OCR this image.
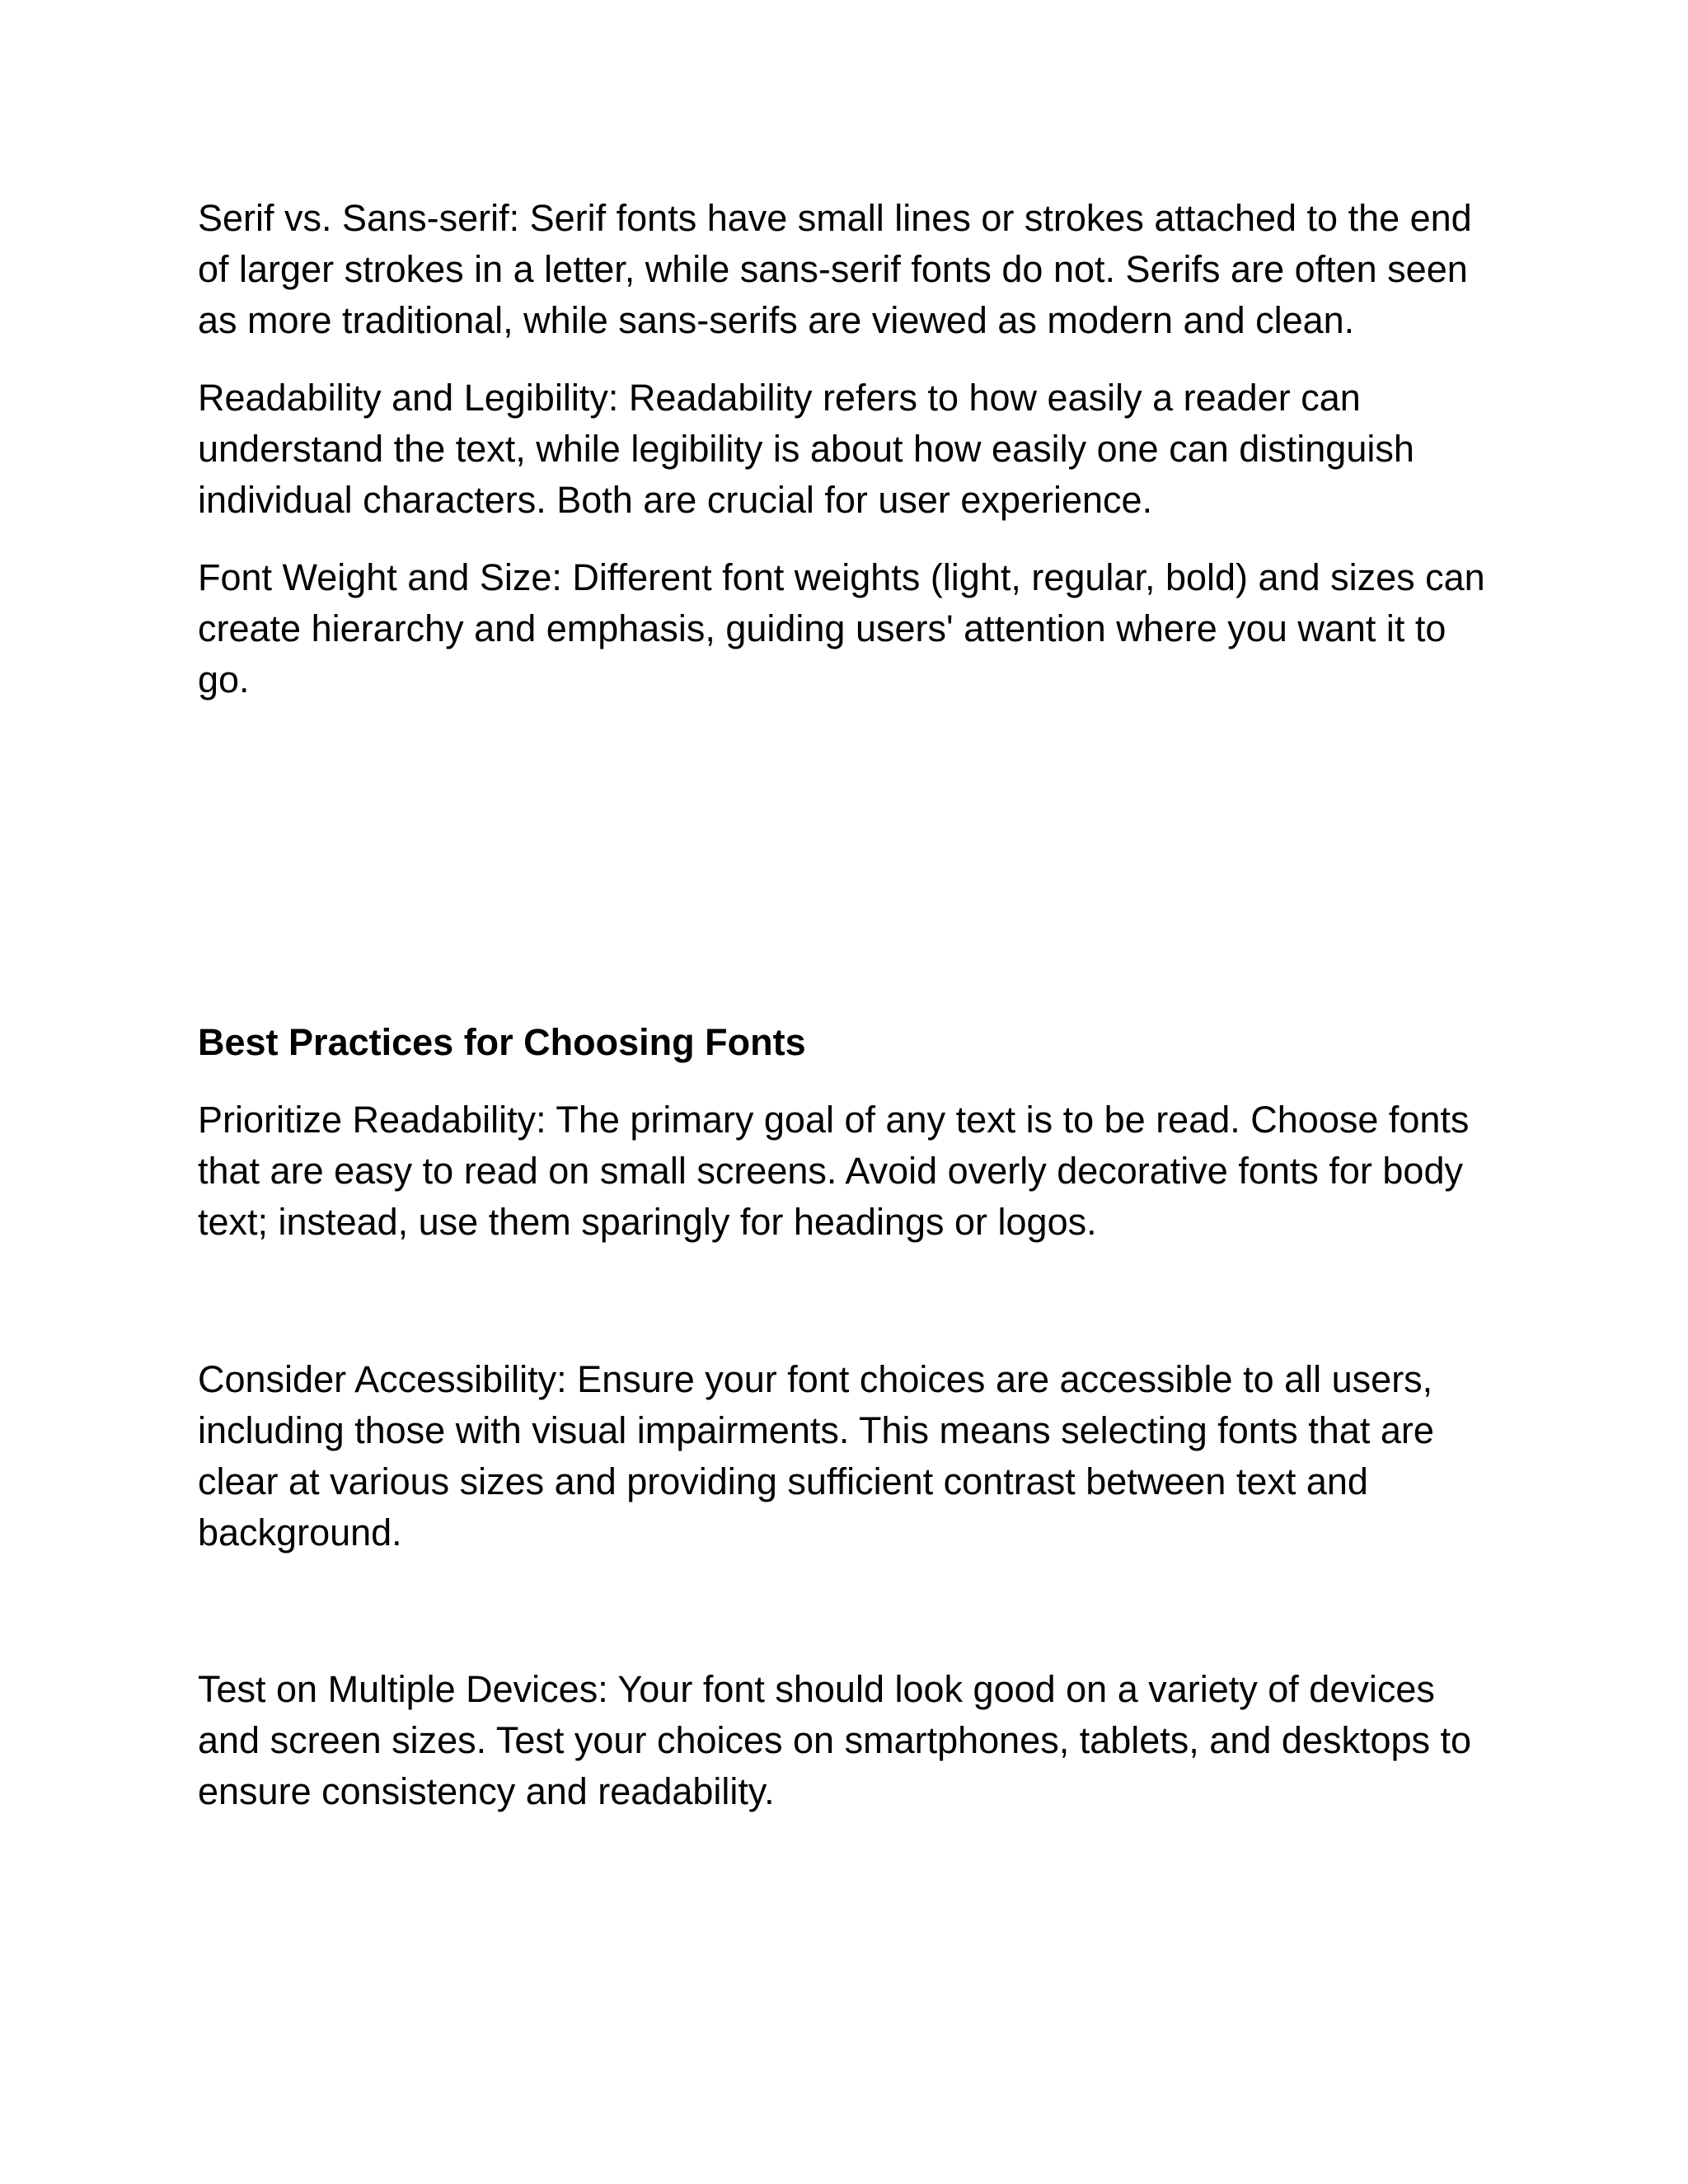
Serif vs. Sans-serif: Serif fonts have small lines or strokes attached to the end of larger strokes in a letter, while sans-serif fonts do not. Serifs are often seen as more traditional, while sans-serifs are viewed as modern and clean.

Readability and Legibility: Readability refers to how easily a reader can understand the text, while legibility is about how easily one can distinguish individual characters. Both are crucial for user experience.

Font Weight and Size: Different font weights (light, regular, bold) and sizes can create hierarchy and emphasis, guiding users' attention where you want it to go.

Best Practices for Choosing Fonts

Prioritize Readability: The primary goal of any text is to be read. Choose fonts that are easy to read on small screens. Avoid overly decorative fonts for body text; instead, use them sparingly for headings or logos.

Consider Accessibility: Ensure your font choices are accessible to all users, including those with visual impairments. This means selecting fonts that are clear at various sizes and providing sufficient contrast between text and background.

Test on Multiple Devices: Your font should look good on a variety of devices and screen sizes. Test your choices on smartphones, tablets, and desktops to ensure consistency and readability.
